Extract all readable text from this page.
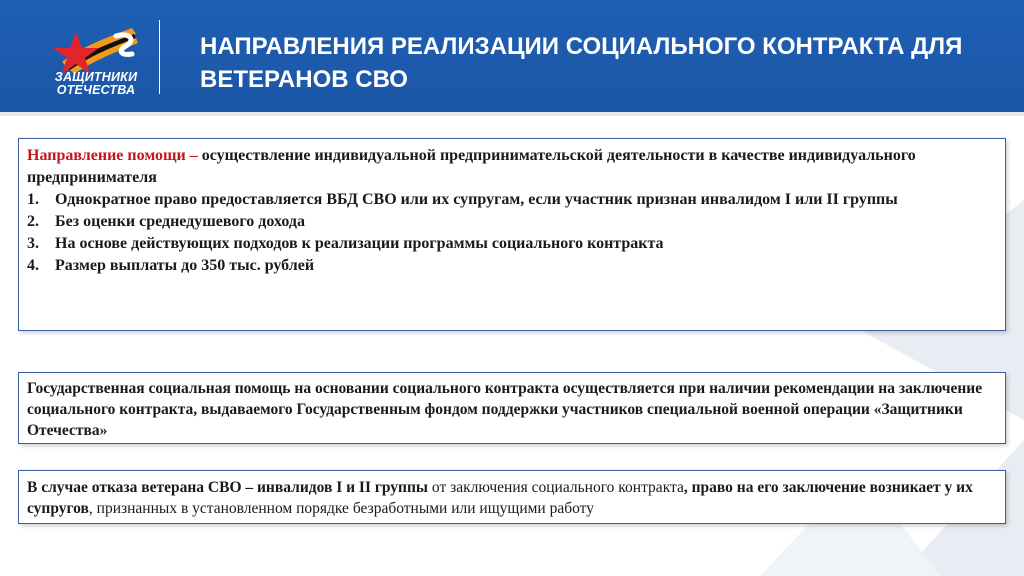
ЗАЩИТНИКИ
ОТЕЧЕСТВА
НАПРАВЛЕНИЯ РЕАЛИЗАЦИИ СОЦИАЛЬНОГО КОНТРАКТА ДЛЯ
ВЕТЕРАНОВ СВО

Направление помощи – осуществление индивидуальной предпринимательской деятельности в качестве индивидуального предпринимателя

1.	Однократное право предоставляется ВБД СВО или их супругам, если участник признан инвалидом I или II группы
2.	Без оценки среднедушевого дохода
3.	На основе действующих подходов к реализации программы социального контракта
4.	Размер выплаты до 350 тыс. рублей

Государственная социальная помощь на основании социального контракта осуществляется при наличии рекомендации на заключение социального контракта, выдаваемого Государственным фондом поддержки участников специальной военной операции «Защитники Отечества»

В случае отказа ветерана СВО – инвалидов I и II группы от заключения социального контракта, право на его заключение возникает у их супругов, признанных в установленном порядке безработными или ищущими работу
